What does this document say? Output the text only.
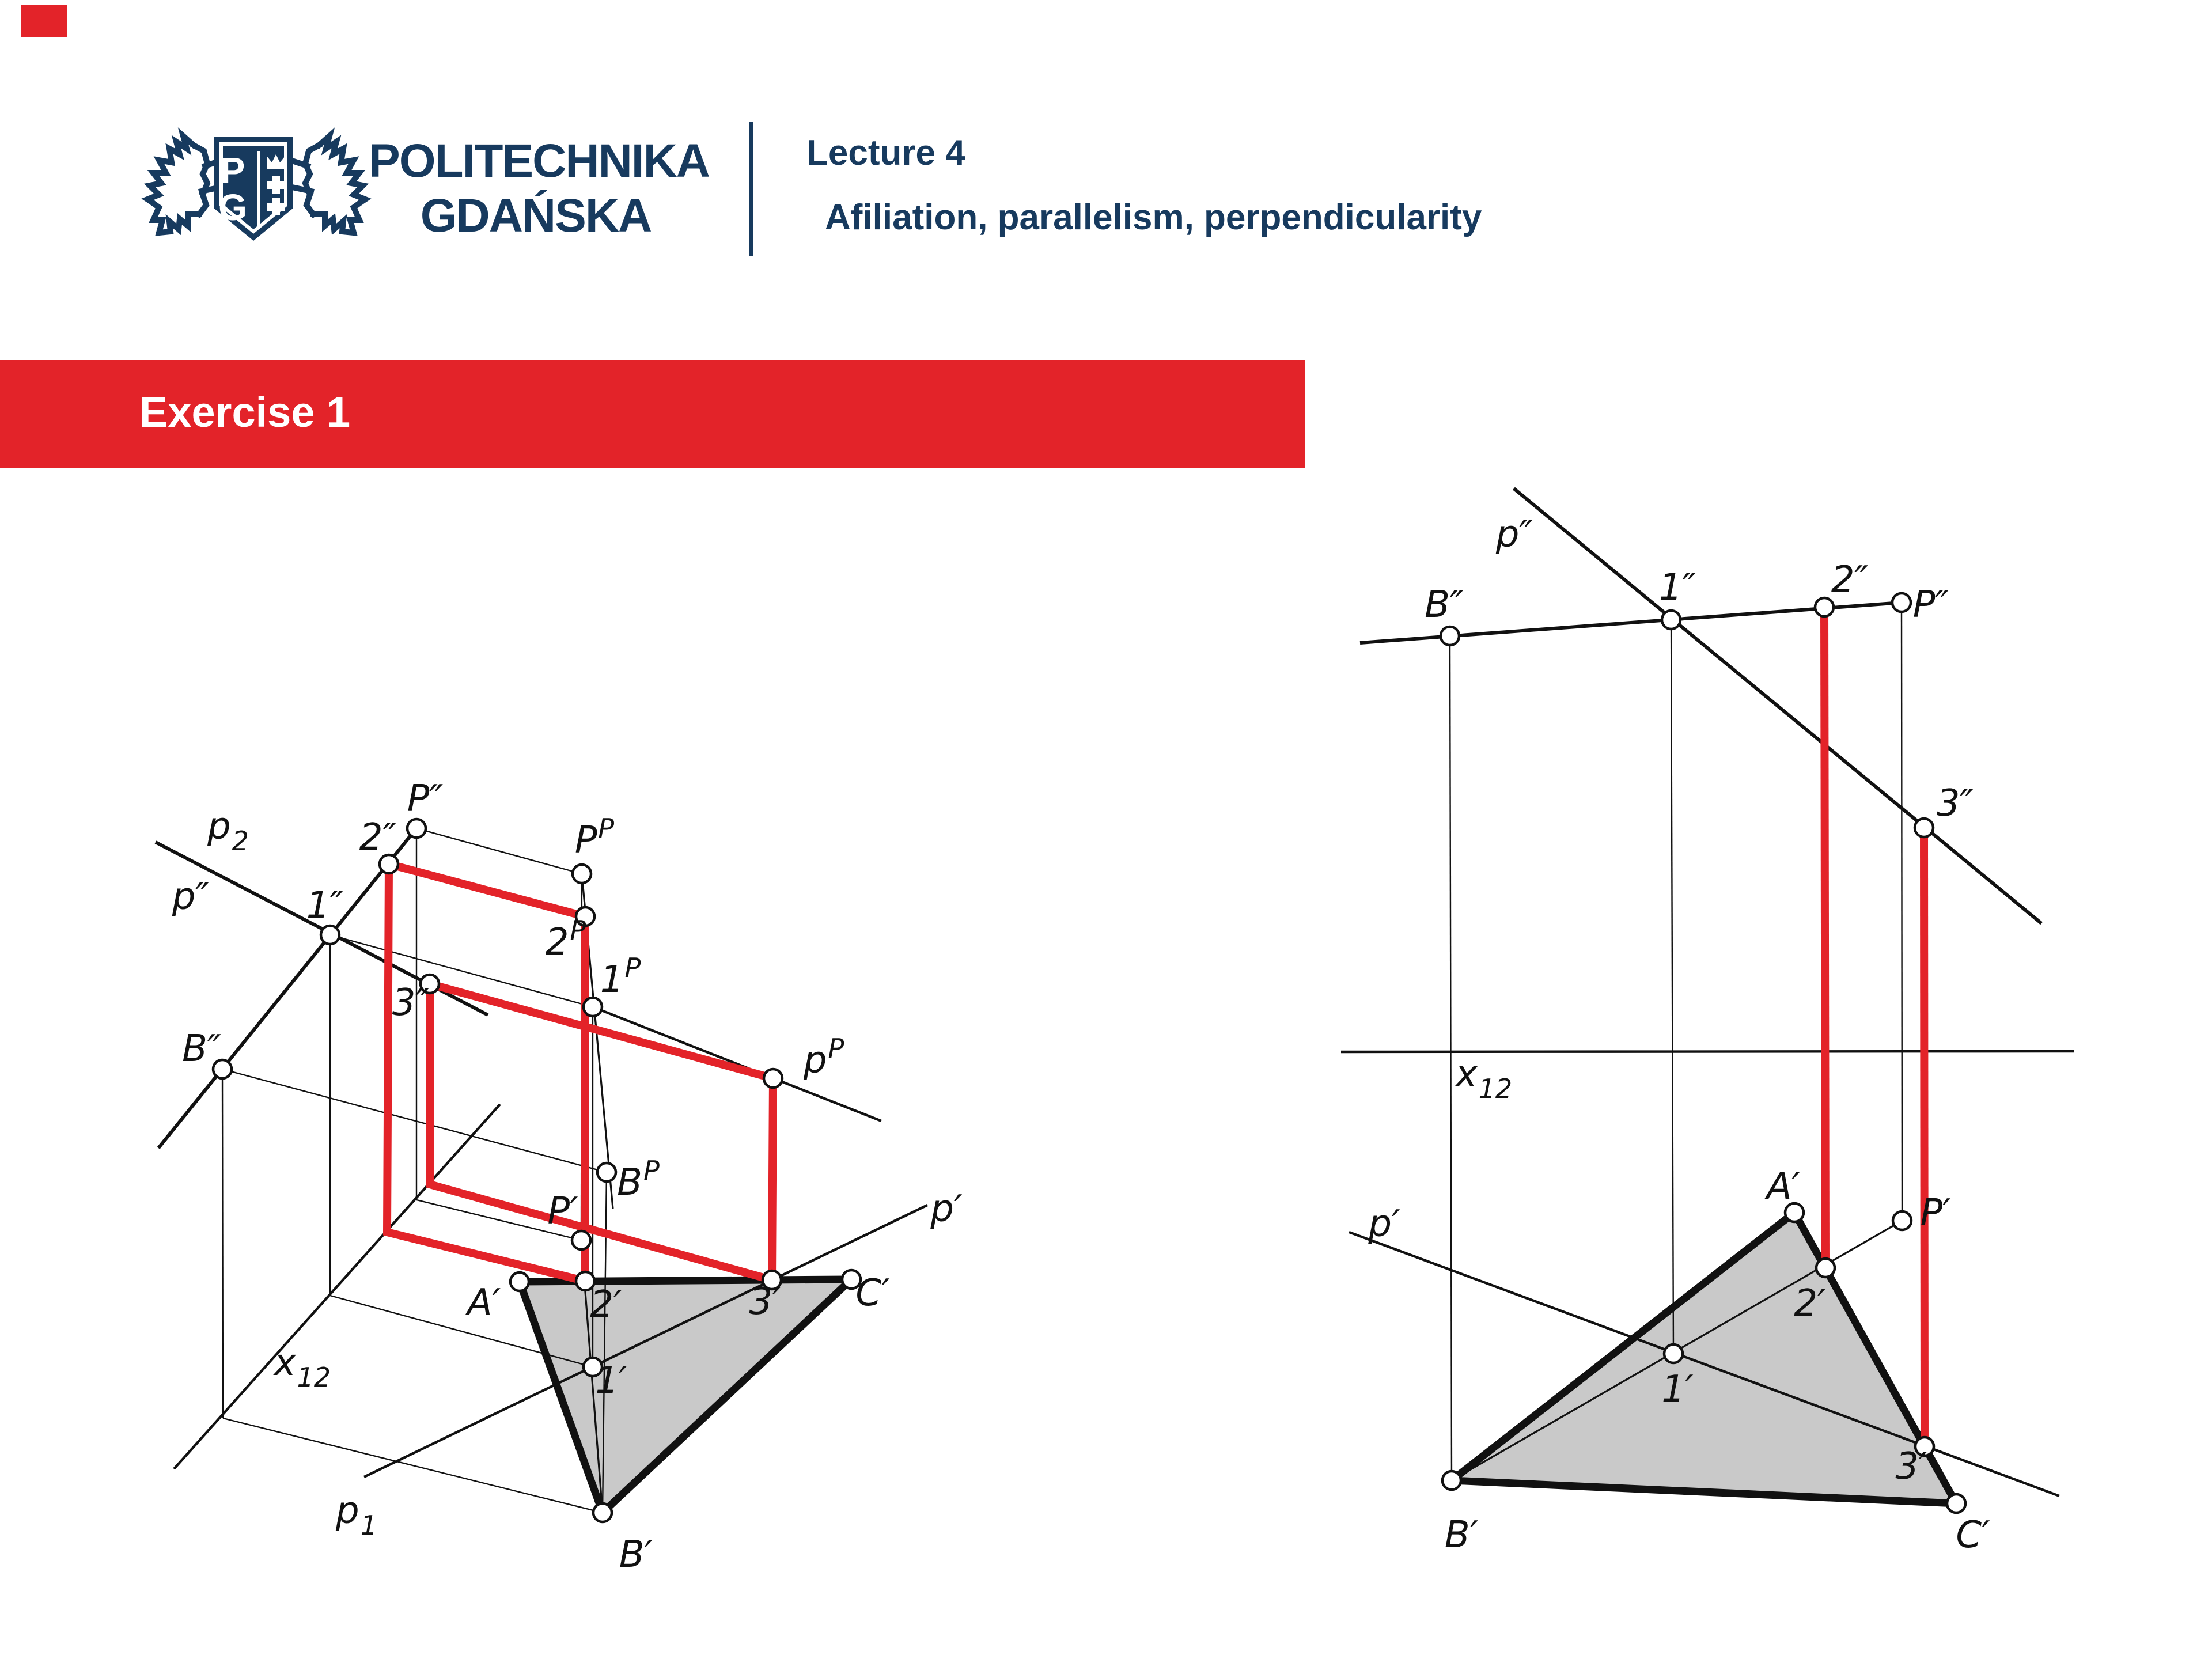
P
G
POLITECHNIKA
GDAŃSKA
Lecture 4
Afiliation, parallelism, perpendicularity
Exercise 1
$p_2$
p″
P″
2″	$P^P$
1″
$2^P$
$1^P$
3″
$p^P$
B″
$B^P$
P′
A′ 2′	3′ C′
1′
$x_{12}$
$p_1$
B′
p′
p″
B″	1″	2″
P″
3″
$x_{12}$
p′
A′
P′
2′
1′
3′
B′	C′
